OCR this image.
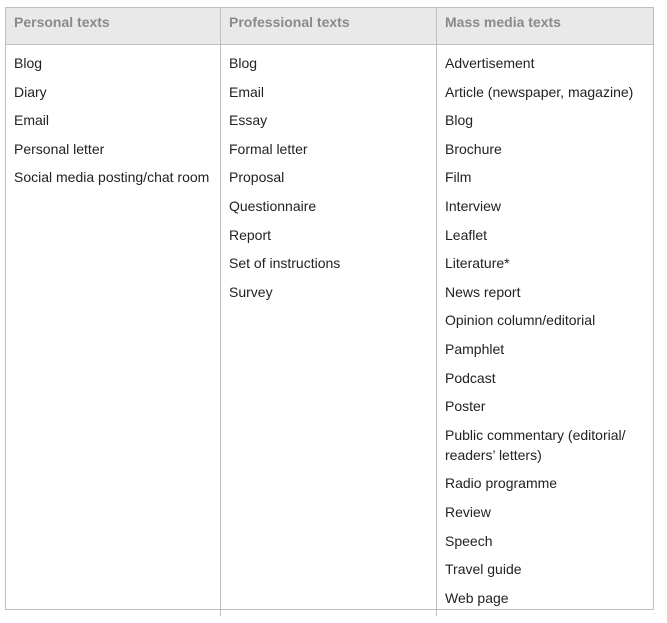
Personal texts	Professional texts	Mass media texts
Blog
Diary
Email
Personal letter
Social media posting/chat room
Blog
Email
Essay
Formal letter
Proposal
Questionnaire
Report
Set of instructions
Survey
Advertisement
Article (newspaper, magazine)
Blog
Brochure
Film
Interview
Leaflet
Literature*
News report
Opinion column/editorial
Pamphlet
Podcast
Poster
Public commentary (editorial/ readers’ letters)
Radio programme
Review
Speech
Travel guide
Web page
